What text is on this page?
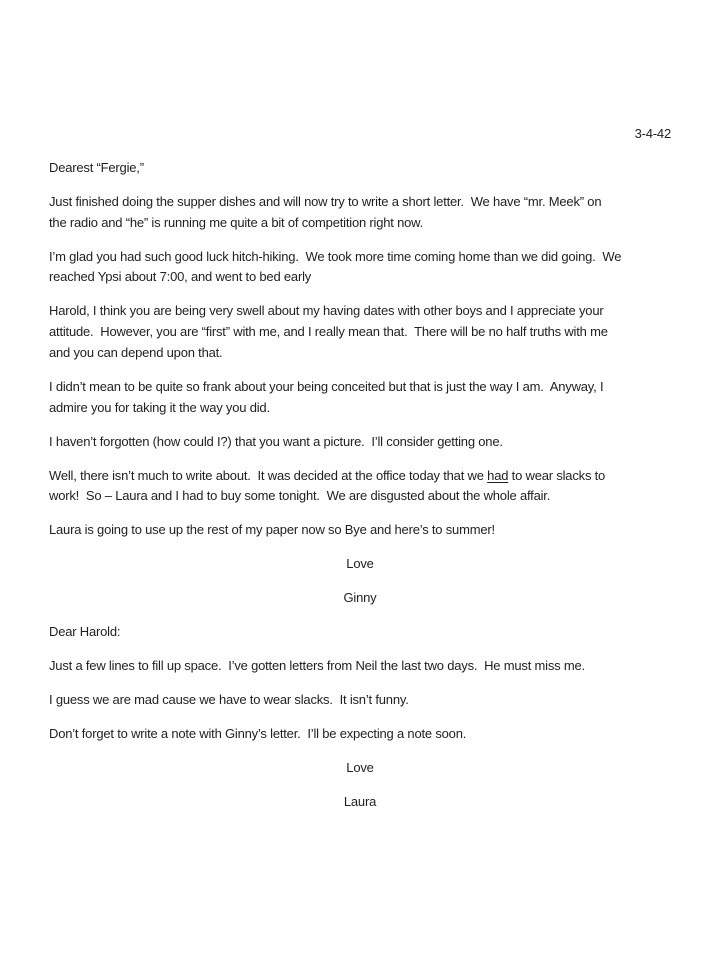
3-4-42
Dearest “Fergie,”
Just finished doing the supper dishes and will now try to write a short letter.  We have “mr. Meek” on
the radio and “he” is running me quite a bit of competition right now.
I’m glad you had such good luck hitch-hiking.  We took more time coming home than we did going.  We
reached Ypsi about 7:00, and went to bed early
Harold, I think you are being very swell about my having dates with other boys and I appreciate your
attitude.  However, you are “first” with me, and I really mean that.  There will be no half truths with me
and you can depend upon that.
I didn’t mean to be quite so frank about your being conceited but that is just the way I am.  Anyway, I
admire you for taking it the way you did.
I haven’t forgotten (how could I?) that you want a picture.  I’ll consider getting one.
Well, there isn’t much to write about.  It was decided at the office today that we had to wear slacks to
work!  So – Laura and I had to buy some tonight.  We are disgusted about the whole affair.
Laura is going to use up the rest of my paper now so Bye and here’s to summer!
Love
Ginny
Dear Harold:
Just a few lines to fill up space.  I’ve gotten letters from Neil the last two days.  He must miss me.
I guess we are mad cause we have to wear slacks.  It isn’t funny.
Don’t forget to write a note with Ginny’s letter.  I’ll be expecting a note soon.
Love
Laura
